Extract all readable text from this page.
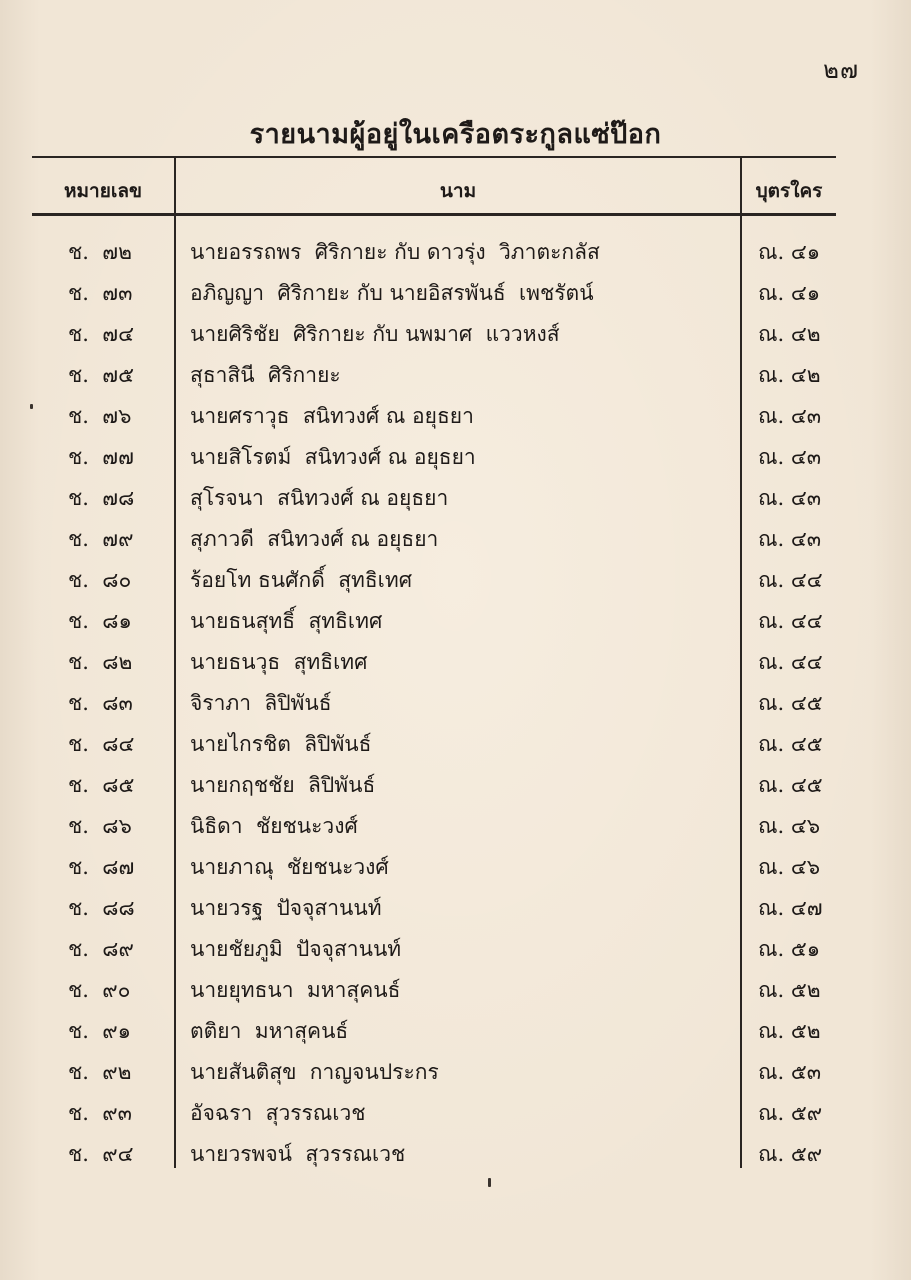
๒๗
รายนามผู้อยู่ในเครือตระกูลแซ่ป๊อก
หมายเลข	นาม	บุตรใคร
ช.  ๗๒	นายอรรถพร  ศิริกายะ กับ ดาวรุ่ง  วิภาตะกลัส	ณ. ๔๑
ช.  ๗๓	อภิญญา  ศิริกายะ กับ นายอิสรพันธ์  เพชรัตน์	ณ. ๔๑
ช.  ๗๔	นายศิริชัย  ศิริกายะ กับ นพมาศ  แววหงส์	ณ. ๔๒
ช.  ๗๕	สุธาสินี  ศิริกายะ	ณ. ๔๒
ช.  ๗๖	นายศราวุธ  สนิทวงศ์ ณ อยุธยา	ณ. ๔๓
ช.  ๗๗	นายสิโรตม์  สนิทวงศ์ ณ อยุธยา	ณ. ๔๓
ช.  ๗๘	สุโรจนา  สนิทวงศ์ ณ อยุธยา	ณ. ๔๓
ช.  ๗๙	สุภาวดี  สนิทวงศ์ ณ อยุธยา	ณ. ๔๓
ช.  ๘๐	ร้อยโท ธนศักดิ์  สุทธิเทศ	ณ. ๔๔
ช.  ๘๑	นายธนสุทธิ์  สุทธิเทศ	ณ. ๔๔
ช.  ๘๒	นายธนวุธ  สุทธิเทศ	ณ. ๔๔
ช.  ๘๓	จิราภา  ลิปิพันธ์	ณ. ๔๕
ช.  ๘๔	นายไกรชิต  ลิปิพันธ์	ณ. ๔๕
ช.  ๘๕	นายกฤชชัย  ลิปิพันธ์	ณ. ๔๕
ช.  ๘๖	นิธิดา  ชัยชนะวงศ์	ณ. ๔๖
ช.  ๘๗	นายภาณุ  ชัยชนะวงศ์	ณ. ๔๖
ช.  ๘๘	นายวรฐ  ปัจจุสานนท์	ณ. ๔๗
ช.  ๘๙	นายชัยภูมิ  ปัจจุสานนท์	ณ. ๕๑
ช.  ๙๐	นายยุทธนา  มหาสุคนธ์	ณ. ๕๒
ช.  ๙๑	ตติยา  มหาสุคนธ์	ณ. ๕๒
ช.  ๙๒	นายสันติสุข  กาญจนประกร	ณ. ๕๓
ช.  ๙๓	อัจฉรา  สุวรรณเวช	ณ. ๕๙
ช.  ๙๔	นายวรพจน์  สุวรรณเวช	ณ. ๕๙
